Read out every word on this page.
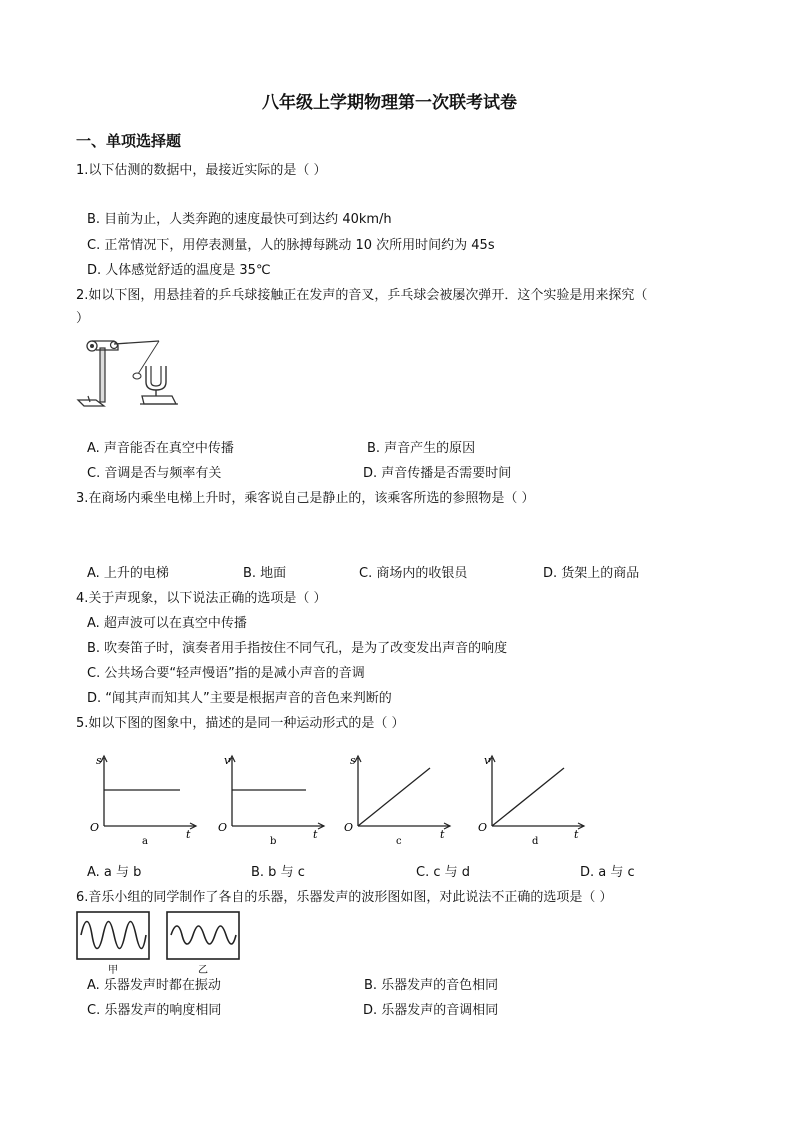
八年级上学期物理第一次联考试卷
一、单项选择题
1.以下估测的数据中，最接近实际的是（ ）
B. 目前为止，人类奔跑的速度最快可到达约 40km/h
C. 正常情况下，用停表测量，人的脉搏每跳动 10 次所用时间约为 45s
D. 人体感觉舒适的温度是 35℃
2.如以下图，用悬挂着的乒乓球接触正在发声的音叉，乒乓球会被屡次弹开．这个实验是用来探究（
）
A. 声音能否在真空中传播	B. 声音产生的原因
C. 音调是否与频率有关	D. 声音传播是否需要时间
3.在商场内乘坐电梯上升时，乘客说自己是静止的，该乘客所选的参照物是（ ）
A. 上升的电梯	B. 地面	C. 商场内的收银员	D. 货架上的商品
4.关于声现象，以下说法正确的选项是（ ）
A. 超声波可以在真空中传播
B. 吹奏笛子时，演奏者用手指按住不同气孔，是为了改变发出声音的响度
C. 公共场合要“轻声慢语”指的是减小声音的音调
D. “闻其声而知其人”主要是根据声音的音色来判断的
5.如以下图的图象中，描述的是同一种运动形式的是（ ）
s
O
t
a
v
O
t
b
s
O
t
c
v
O
t
d
A. a 与 b	B. b 与 c	C. c 与 d	D. a 与 c
6.音乐小组的同学制作了各自的乐器，乐器发声的波形图如图，对此说法不正确的选项是（ ）
甲	乙
A. 乐器发声时都在振动	B. 乐器发声的音色相同
C. 乐器发声的响度相同	D. 乐器发声的音调相同
